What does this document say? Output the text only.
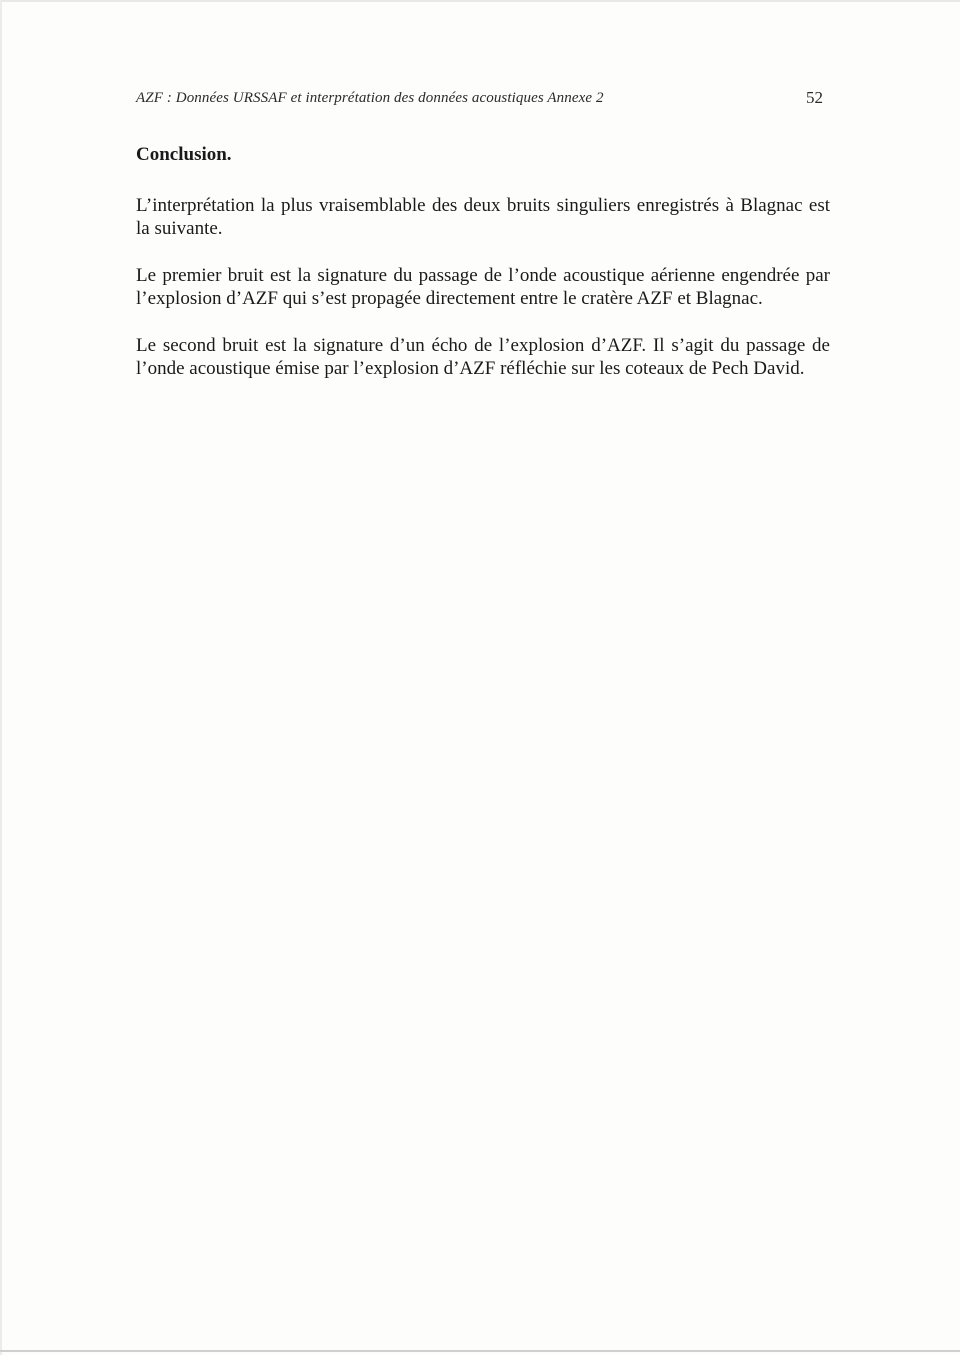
AZF : Données URSSAF et interprétation des données acoustiques Annexe 2	52
Conclusion.

L’interprétation la plus vraisemblable des deux bruits singuliers enregistrés à Blagnac est la suivante.

Le premier bruit est la signature du passage de l’onde acoustique aérienne engendrée par l’explosion d’AZF qui s’est propagée directement entre le cratère AZF et Blagnac.

Le second bruit est la signature d’un écho de l’explosion d’AZF. Il s’agit du passage de l’onde acoustique émise par l’explosion d’AZF réfléchie sur les coteaux de Pech David.
